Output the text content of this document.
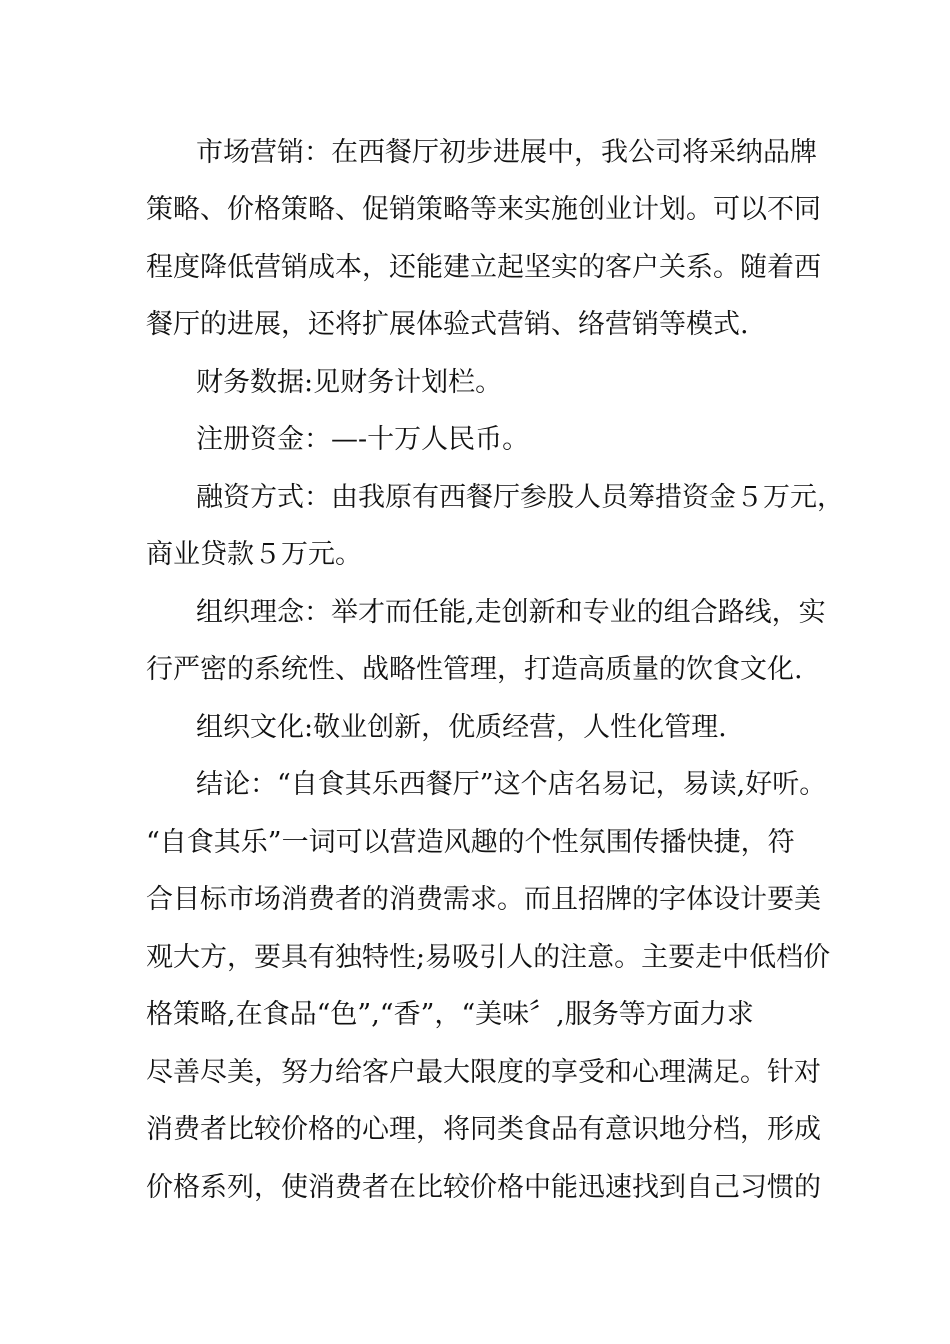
市场营销：在西餐厅初步进展中，我公司将采纳品牌

策略、价格策略、促销策略等来实施创业计划。可以不同

程度降低营销成本，还能建立起坚实的客户关系。随着西

餐厅的进展，还将扩展体验式营销、络营销等模式.

财务数据:见财务计划栏。

注册资金：—-十万人民币。

融资方式：由我原有西餐厅参股人员筹措资金５万元，

商业贷款５万元。

组织理念：举才而任能,走创新和专业的组合路线，实

行严密的系统性、战略性管理，打造高质量的饮食文化.

组织文化:敬业创新，优质经营，人性化管理.

结论：“自食其乐西餐厅”这个店名易记，易读,好听。

“自食其乐”一词可以营造风趣的个性氛围传播快捷，符

合目标市场消费者的消费需求。而且招牌的字体设计要美

观大方，要具有独特性;易吸引人的注意。主要走中低档价

格策略,在食品“色”,“香”，“美味〞,服务等方面力求

尽善尽美，努力给客户最大限度的享受和心理满足。针对

消费者比较价格的心理，将同类食品有意识地分档，形成

价格系列，使消费者在比较价格中能迅速找到自己习惯的
